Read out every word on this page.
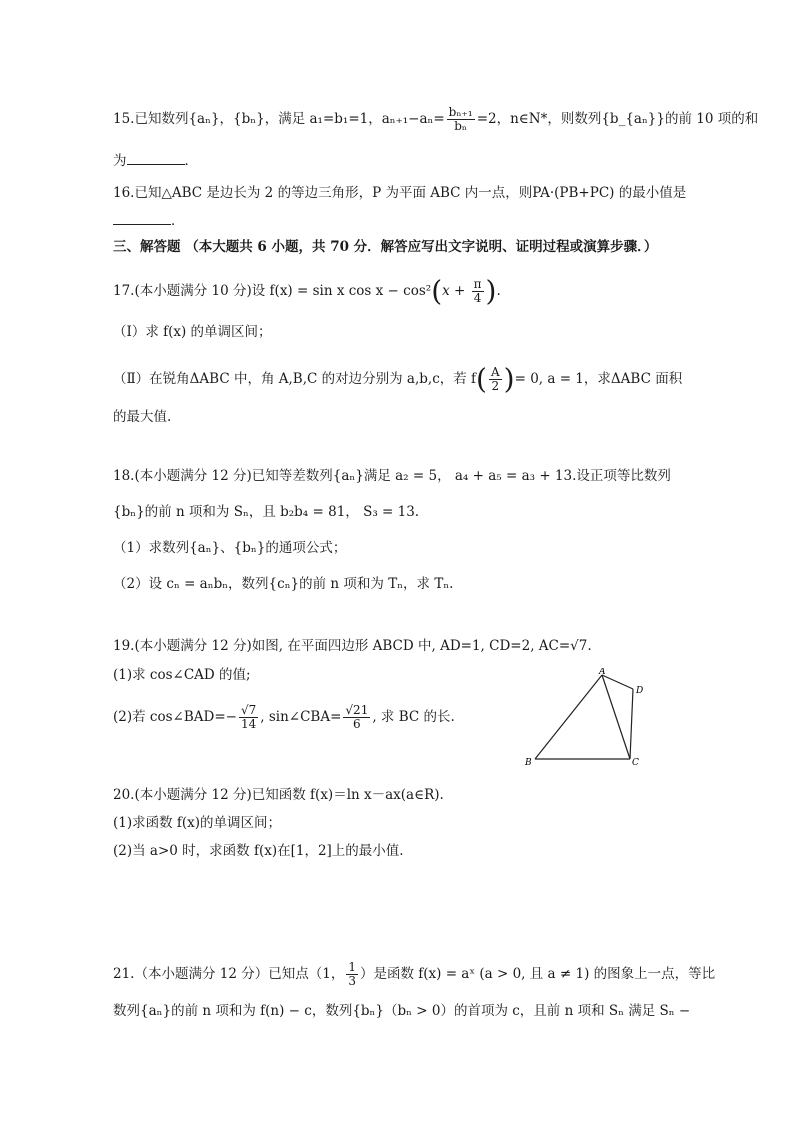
15.已知数列{aₙ}，{bₙ}，满足 a₁=b₁=1，$a_{n+1}-a_n= \frac{\text{bₙ₊₁}}{\text{bₙ}} =2$，n∈N*，则数列{b_{aₙ}}的前 10 项的和
为	．
16.已知△ABC 是边长为 2 的等边三角形，P 为平面 ABC 内一点，则PA·(PB+PC) 的最小值是
．
三、解答题 （本大题共 6 小题，共 70 分．解答应写出文字说明、证明过程或演算步骤．）
17.(本小题满分 10 分)设 f(x) = sin x $\cos x - \cos^2(x + \frac{\pi}{4}$ ).
（Ⅰ）求 f(x) 的单调区间；
（Ⅱ）在锐角ΔABC 中，角 A,B,C 的对边分别为 a,b,c，若 $f( \frac{A}{2}$ )= 0, a = 1，求ΔABC 面积
的最大值.
18.(本小题满分 12 分)已知等差数列{aₙ}满足 a₂ = 5， a₄ + a₅ = a₃ + 13.设正项等比数列
{bₙ}的前 n 项和为 Sₙ，且 b₂b₄ = 81， S₃ = 13.
（1）求数列{aₙ}、{bₙ}的通项公式；
（2）设 cₙ = aₙbₙ，数列{cₙ}的前 n 项和为 Tₙ，求 Tₙ.
19.(本小题满分 12 分)如图, 在平面四边形 ABCD 中, AD=1, CD=2, AC=√7.
(1)求 cos∠CAD 的值;
(2)若 cos∠BAD=− $\frac{√7}{14}$ , sin∠CBA= $\frac{√21}{6}$ , 求 BC 的长.
A
B	C
D
20.(本小题满分 12 分)已知函数 f(x)＝ln x－ax(a∈R).
(1)求函数 f(x)的单调区间；
(2)当 a>0 时，求函数 f(x)在[1，2]上的最小值.
21.（本小题满分 12 分）已知点（1， $\frac{1}{3}$ ）是函数 f(x) = aˣ (a > 0, 且 a ≠ 1) 的图象上一点，等比
数列{aₙ}的前 n 项和为 f(n) − c，数列{bₙ}（bₙ > 0）的首项为 c，且前 n 项和 Sₙ 满足 Sₙ −
